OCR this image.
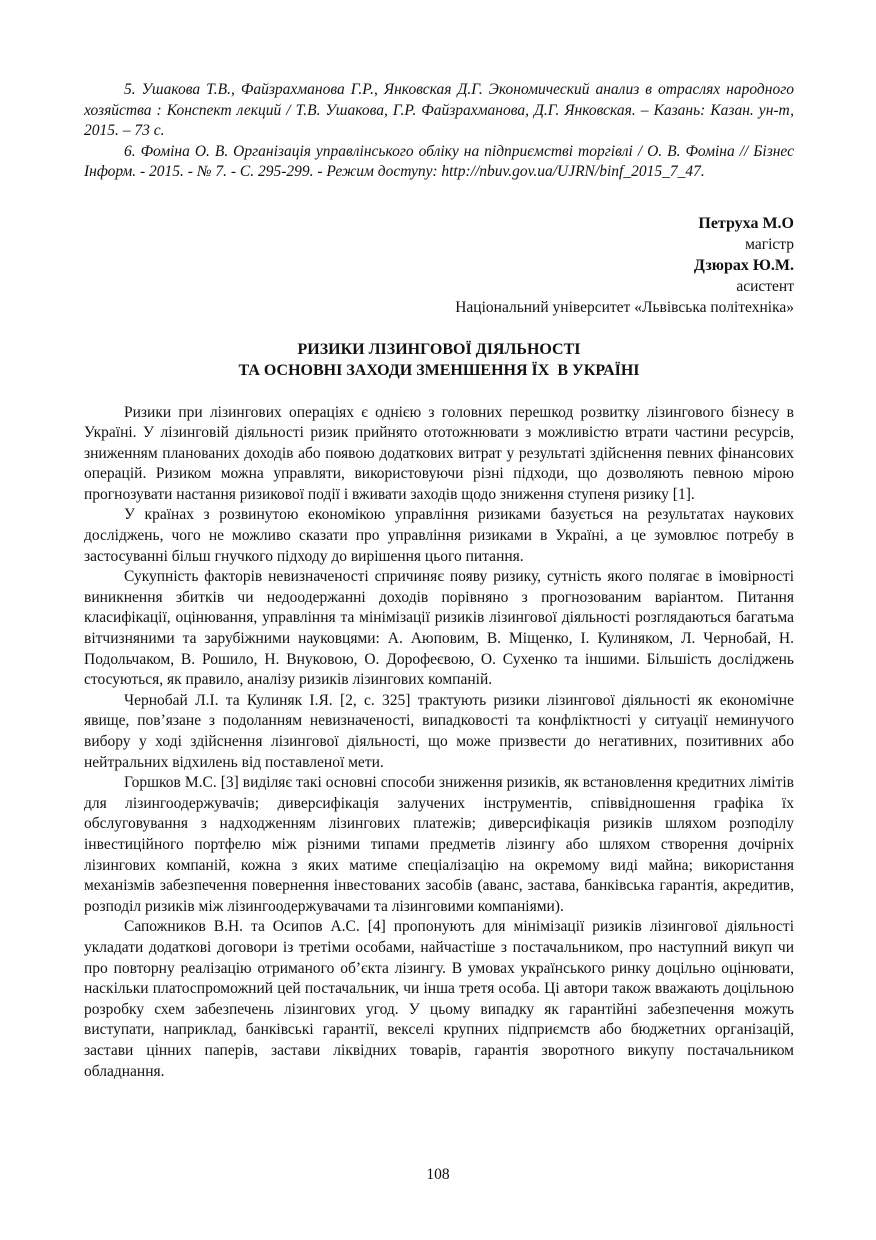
5. Ушакова Т.В., Файзрахманова Г.Р., Янковская Д.Г. Экономический анализ в отраслях народного хозяйства : Конспект лекций / Т.В. Ушакова, Г.Р. Файзрахманова, Д.Г. Янковская. – Казань: Казан. ун-т, 2015. – 73 с.

6. Фоміна О. В. Організація управлінського обліку на підприємстві торгівлі / О. В. Фоміна // Бізнес Інформ. - 2015. - № 7. - С. 295-299. - Режим доступу: http://nbuv.gov.ua/UJRN/binf_2015_7_47.

Петруха М.О
магістр
Дзюрах Ю.М.
асистент
Національний університет «Львівська політехніка»
РИЗИКИ ЛІЗИНГОВОЇ ДІЯЛЬНОСТІ
ТА ОСНОВНІ ЗАХОДИ ЗМЕНШЕННЯ ЇХ  В УКРАЇНІ

Ризики при лізингових операціях є однією з головних перешкод розвитку лізингового бізнесу в Україні. У лізинговій діяльності ризик прийнято ототожнювати з можливістю втрати частини ресурсів, зниженням планованих доходів або появою додаткових витрат у результаті здійснення певних фінансових операцій. Ризиком можна управляти, використовуючи різні підходи, що дозволяють певною мірою прогнозувати настання ризикової події і вживати заходів щодо зниження ступеня ризику [1].

У країнах з розвинутою економікою управління ризиками базується на результатах наукових досліджень, чого не можливо сказати про управління ризиками в Україні, а це зумовлює потребу в застосуванні більш гнучкого підходу до вирішення цього питання.

Сукупність факторів невизначеності спричиняє появу ризику, сутність якого полягає в імовірності виникнення збитків чи недоодержанні доходів порівняно з прогнозованим варіантом. Питання класифікації, оцінювання, управління та мінімізації ризиків лізингової діяльності розглядаються багатьма вітчизняними та зарубіжними науковцями: А. Аюповим, В. Міщенко, І. Кулиняком, Л. Чернобай, Н. Подольчаком, В. Рошило, Н. Внуковою, О. Дорофеєвою, О. Сухенко та іншими. Більшість досліджень стосуються, як правило, аналізу ризиків лізингових компаній.

Чернобай Л.І. та Кулиняк І.Я. [2, с. 325] трактують ризики лізингової діяльності як економічне явище, пов’язане з подоланням невизначеності, випадковості та конфліктності у ситуації неминучого вибору у ході здійснення лізингової діяльності, що може призвести до негативних, позитивних або нейтральних відхилень від поставленої мети.

Горшков М.С. [3] виділяє такі основні способи зниження ризиків, як встановлення кредитних лімітів для лізингоодержувачів; диверсифікація залучених інструментів, співвідношення графіка їх обслуговування з надходженням лізингових платежів; диверсифікація ризиків шляхом розподілу інвестиційного портфелю між різними типами предметів лізингу або шляхом створення дочірніх лізингових компаній, кожна з яких матиме спеціалізацію на окремому виді майна; використання механізмів забезпечення повернення інвестованих засобів (аванс, застава, банківська гарантія, акредитив, розподіл ризиків між лізингоодержувачами та лізинговими компаніями).

Сапожников В.Н. та Осипов А.С. [4] пропонують для мінімізації ризиків лізингової діяльності укладати додаткові договори із третіми особами, найчастіше з постачальником, про наступний викуп чи про повторну реалізацію отриманого об’єкта лізингу. В умовах українського ринку доцільно оцінювати, наскільки платоспроможний цей постачальник, чи інша третя особа. Ці автори також вважають доцільною розробку схем забезпечень лізингових угод. У цьому випадку як гарантійні забезпечення можуть виступати, наприклад, банківські гарантії, векселі крупних підприємств або бюджетних організацій, застави цінних паперів, застави ліквідних товарів, гарантія зворотного викупу постачальником обладнання.

108
